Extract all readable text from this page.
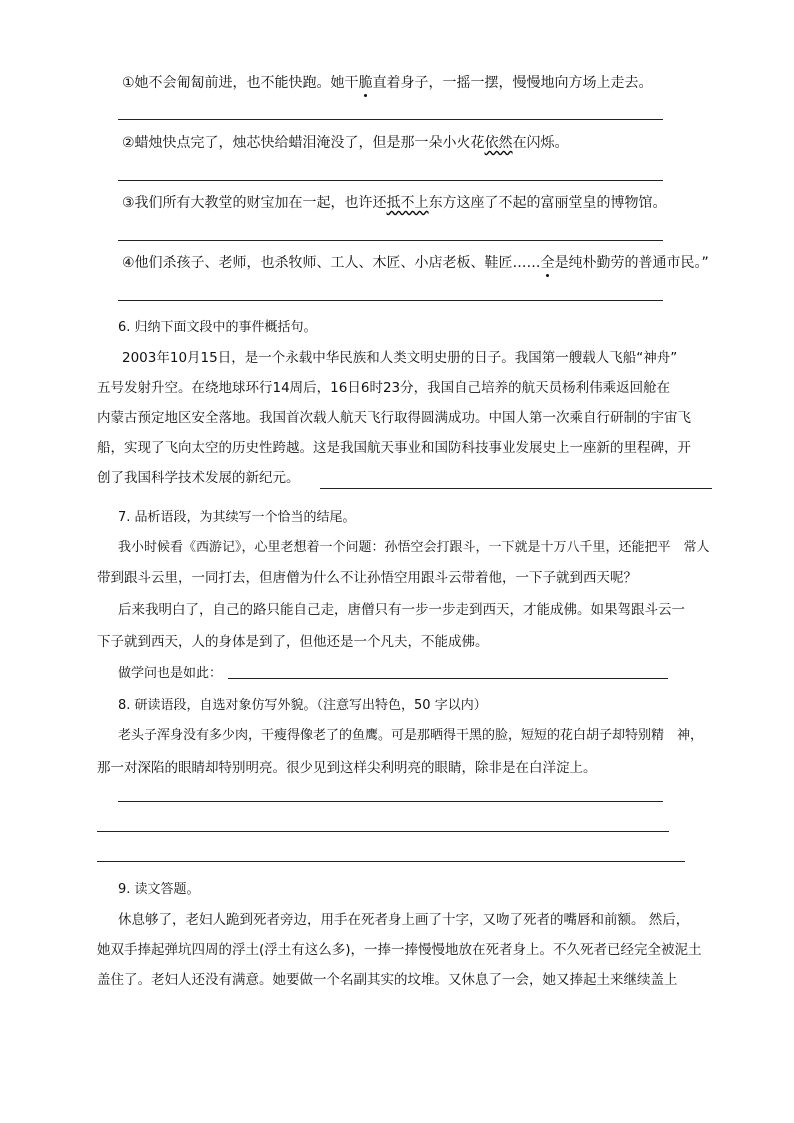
①她不会匍匐前进，也不能快跑。她干脆直着身子，一摇一摆，慢慢地向方场上走去。
②蜡烛快点完了，烛芯快给蜡泪淹没了，但是那一朵小火花依然在闪烁。
③我们所有大教堂的财宝加在一起，也许还抵不上东方这座了不起的富丽堂皇的博物馆。
④他们杀孩子、老师，也杀牧师、工人、木匠、小店老板、鞋匠……全是纯朴勤劳的普通市民。”
6. 归纳下面文段中的事件概括句。
2003年10月15日，是一个永载中华民族和人类文明史册的日子。我国第一艘载人飞船“神舟”
五号发射升空。在绕地球环行14周后，16日6时23分，我国自己培养的航天员杨利伟乘返回舱在
内蒙古预定地区安全落地。我国首次载人航天飞行取得圆满成功。中国人第一次乘自行研制的宇宙飞
船，实现了飞向太空的历史性跨越。这是我国航天事业和国防科技事业发展史上一座新的里程碑，开
创了我国科学技术发展的新纪元。
7. 品析语段，为其续写一个恰当的结尾。
我小时候看《西游记》，心里老想着一个问题：孙悟空会打跟斗，一下就是十万八千里，还能把平　常人
带到跟斗云里，一同打去，但唐僧为什么不让孙悟空用跟斗云带着他，一下子就到西天呢？
后来我明白了，自己的路只能自己走，唐僧只有一步一步走到西天，才能成佛。如果驾跟斗云一
下子就到西天，人的身体是到了，但他还是一个凡夫，不能成佛。
做学问也是如此：
8. 研读语段，自选对象仿写外貌。（注意写出特色，50 字以内）
老头子浑身没有多少肉，干瘦得像老了的鱼鹰。可是那晒得干黑的脸，短短的花白胡子却特别精　神，
那一对深陷的眼睛却特别明亮。很少见到这样尖利明亮的眼睛，除非是在白洋淀上。
9. 读文答题。
休息够了，老妇人跪到死者旁边，用手在死者身上画了十字，又吻了死者的嘴唇和前额。 然后，
她双手捧起弹坑四周的浮土(浮土有这么多)，一捧一捧慢慢地放在死者身上。不久死者已经完全被泥土
盖住了。老妇人还没有满意。她要做一个名副其实的坟堆。又休息了一会，她又捧起土来继续盖上
